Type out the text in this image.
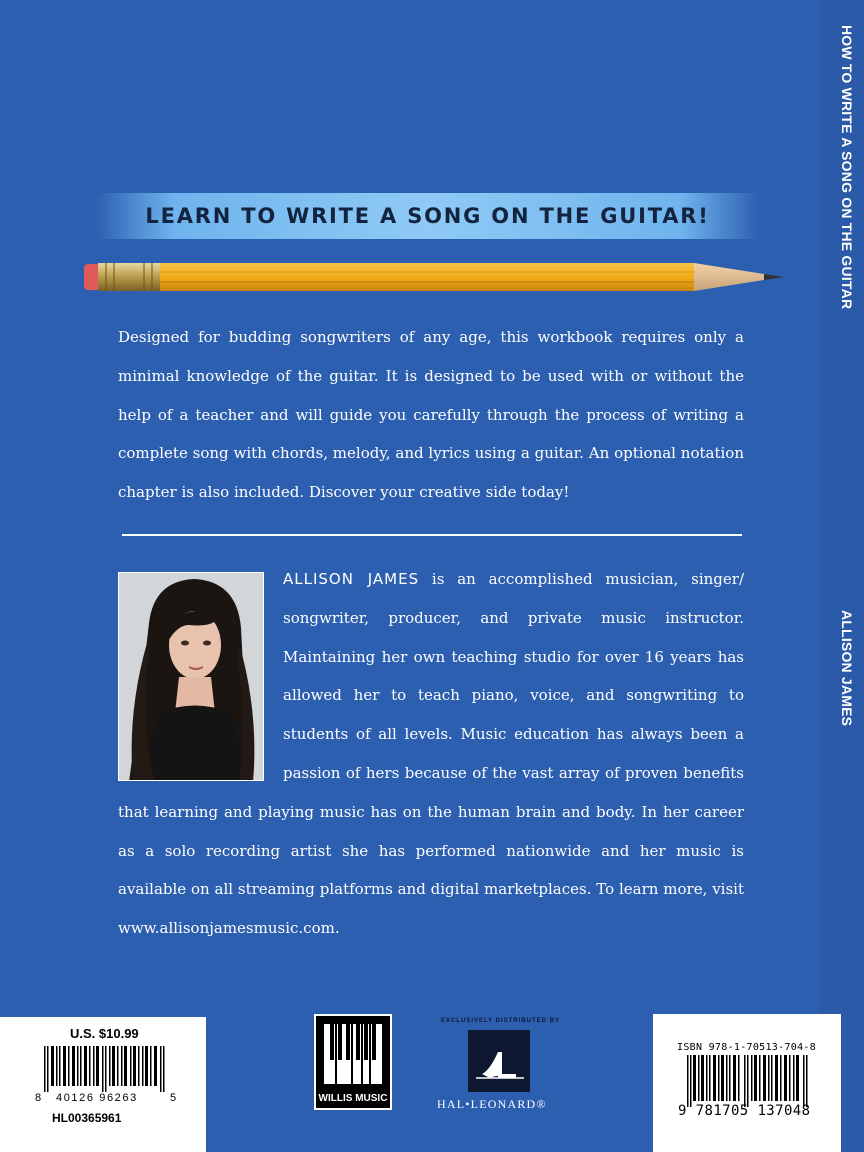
HOW TO WRITE A SONG ON THE GUITAR
ALLISON JAMES
LEARN TO WRITE A SONG ON THE GUITAR!
Designed for budding songwriters of any age, this workbook requires only a minimal knowledge of the guitar. It is designed to be used with or without the help of a teacher and will guide you carefully through the process of writing a complete song with chords, melody, and lyrics using a guitar. An optional notation chapter is also included. Discover your creative side today!
ALLISON JAMES is an accomplished musician, singer/ songwriter, producer, and private music instructor. Maintaining her own teaching studio for over 16 years has allowed her to teach piano, voice, and songwriting to students of all levels. Music education has always been a passion of hers because of the vast array of proven benefits that learning and playing music has on the human brain and body. In her career as a solo recording artist she has performed nationwide and her music is available on all streaming platforms and digital marketplaces. To learn more, visit www.allisonjamesmusic.com.
U.S. $10.99
8 40126 96263	5
HL00365961
WILLIS MUSIC
EXCLUSIVELY DISTRIBUTED BY
HAL•LEONARD®
ISBN 978-1-70513-704-8
9 781705 137048
